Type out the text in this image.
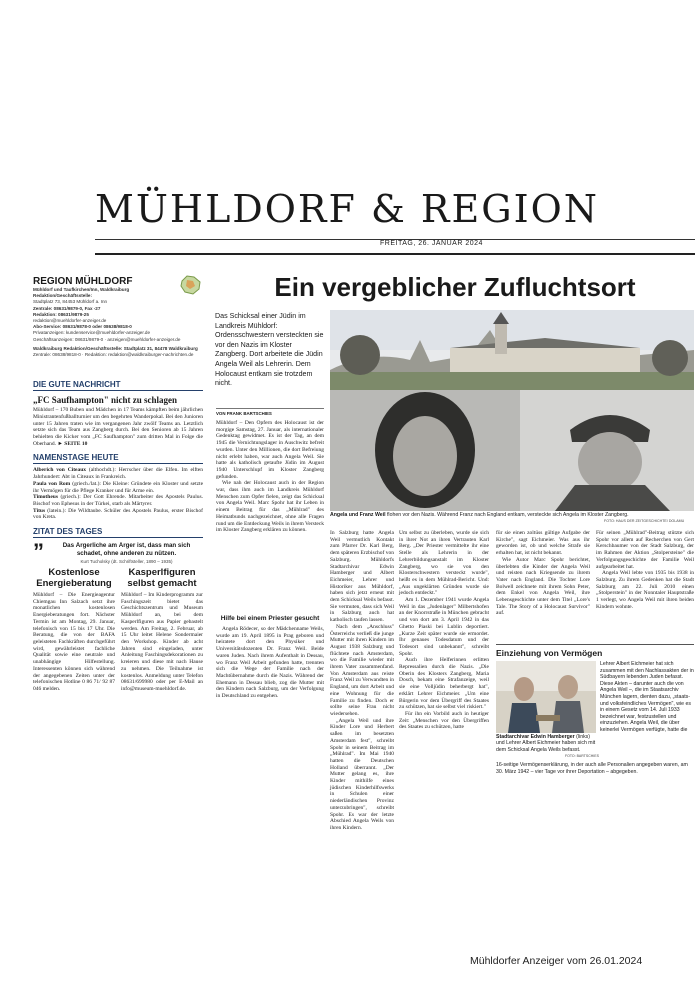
MÜHLDORF & REGION
FREITAG, 26. JANUAR 2024
REGION MÜHLDORF
Mühldorf und Taufkirchen/Inn, Waldkraiburg
Redaktion/Geschäftsstelle:
Stadtplatz 73, 84453 Mühldorf a. Inn
Zentrale: 08631/9879-0, Fax -27
Redaktion: 08631/9879-25
redaktion@muehldorfer-anzeiger.de
Abo-Service: 08631/9878-0 oder 08638/9818-0
Privatanzeigen: kundenservice@muehldorfer-anzeiger.de
Geschäftsanzeigen: 08631/9879-0 · anzeigen@muehldorfer-anzeiger.de
Waldkraiburg Redaktion/Geschäftsstelle: Stadtplatz 31, 84478 Waldkraiburg
Zentrale: 08638/9818-0 · Redaktion: redaktion@waldkraiburger-nachrichten.de
DIE GUTE NACHRICHT
„FC Saufhampton" nicht zu schlagen
Mühldorf – 170 Buben und Mädchen in 17 Teams kämpften beim jährlichen Ministrantenfußballturnier um den begehrten Wanderpokal. Bei den Junioren unter 15 Jahren traten wie im vergangenen Jahr zwölf Teams an. Letztlich setzte sich das Team aus Zangberg durch. Bei den Senioren ab 15 Jahren behielten die Kicker vom „FC Saufhampton" zum dritten Mal in Folge die Oberhand. ► SEITE 10
NAMENSTAGE HEUTE
Alberich von Citeaux (althochdt.): Herrscher über die Elfen. Im elften Jahrhundert: Abt in Citeaux in Frankreich.
Paula von Rom (griech./lat.): Die Kleine: Gründete ein Kloster und setzte ihr Vermögen für die Pflege Kranker und für Arme ein.
Timotheus (griech.): Der Gott Ehrende. Mitarbeiter des Apostels Paulus. Bischof von Ephesus in der Türkei, starb als Märtyrer.
Titus (latein.): Die Wildtaube. Schüler des Apostels Paulus, erster Bischof von Kreta.
ZITAT DES TAGES
”	Das Ärgerliche am Ärger ist, dass man sich schadet, ohne anderen zu nützen.
Kurt Tucholsky (dt. Schriftsteller, 1890 – 1935)
Kostenlose Energieberatung
Mühldorf – Die Energieagentur Chiemgau Inn Salzach setzt ihre monatlichen kostenlosen Energieberatungen fort. Nächster Termin ist am Montag, 29. Januar, telefonisch von 15 bis 17 Uhr. Die Beratung, die von der BAFA geleisteten Fachkräften durchgeführt wird, gewährleistet fachliche Qualität sowie eine neutrale und unabhängige Hilfestellung. Interessenten können sich während der angegebenen Zeiten unter der telefonischen Hotline 0 86 71/ 92 87 046 melden.
Kasperlfiguren selbst gemacht
Mühldorf – Im Kinderprogramm zur Faschingszeit bietet das Geschichtszentrum und Museum Mühldorf an, bei dem Kasperlfiguren aus Papier gebastelt werden. Am Freitag, 2. Februar, ab 15 Uhr leitet Helene Sondermaier den Workshop. Kinder ab acht Jahren sind eingeladen, unter Anleitung Faschingsdekorationen zu kreieren und diese mit nach Hause zu nehmen. Die Teilnahme ist kostenlos. Anmeldung unter Telefon 08631/699980 oder per E-Mail an info@museum-muehldorf.de.
Ein vergeblicher Zufluchtsort
Das Schicksal einer Jüdin im Landkreis Mühldorf: Ordensschwestern versteckten sie vor den Nazis im Kloster Zangberg. Dort arbeitete die Jüdin Angela Weil als Lehrerin. Dem Holocaust entkam sie trotzdem nicht.
Angela und Franz Weil flohen vor den Nazis. Während Franz nach England entkam, versteckte sich Angela im Kloster Zangberg.
FOTO: HAUS DER ZEITGESCHICHTE/ DOLAMU
VON FRANK BARTSCHIES
Mühldorf – Den Opfern des Holocaust ist der morgige Samstag, 27. Januar, als internationaler Gedenktag gewidmet. Es ist der Tag, an dem 1945 die Vernichtungslager in Auschwitz befreit wurden. Unter den Millionen, die dort Befreiung nicht erlebt haben, war auch Angela Weil. Sie hatte als katholisch getaufte Jüdin im August 1940 Unterschlupf im Kloster Zangberg gefunden.
Wie nah der Holocaust auch in der Region war, dass ihm auch im Landkreis Mühldorf Menschen zum Opfer fielen, zeigt das Schicksal von Angela Weil. Marc Spohr hat ihr Leben in einem Beitrag für das „Mühlrad" des Heimatbunds nachgezeichnet, ohne alle Fragen rund um die Entdeckung Weils in ihrem Versteck im Kloster Zangberg erklären zu können.
Hilfe bei einem Priester gesucht
Angela Rödecer, so der Mädchenname Weils, wurde am 19. April 1895 in Prag geboren und heiratete dort den Physiker und Universitätsdozenten Dr. Franz Weil. Beide waren Juden. Nach ihrem Aufenthalt in Dessau, wo Franz Weil Arbeit gefunden hatte, trennten sich die Wege der Familie nach der Machtübernahme durch die Nazis. Während der Ehemann in Dessau blieb, zog die Mutter mit den Kindern nach Salzburg, um der Verfolgung in Deutschland zu entgehen.
In Salzburg hatte Angela Weil vermutlich Kontakt zum Pfarrer Dr. Karl Berg, dem späteren Erzbischof von Salzburg. Mühldorfs Stadtarchivar Edwin Hamberger und Albert Eichmeier, Lehrer und Historiker aus Mühldorf, haben sich jetzt erneut mit dem Schicksal Weils befasst. Sie vermuten, dass sich Weil in Salzburg auch hat katholisch taufen lassen.
Nach dem „Anschluss" Österreichs verließ die junge Mutter mit ihren Kindern im August 1938 Salzburg und flüchtete nach Amsterdam, wo die Familie wieder mit ihrem Vater zusammenfand. Von Amsterdam aus reiste Franz Weil zu Verwandten in England, um dort Arbeit und eine Wohnung für die Familie zu finden. Doch er sollte seine Frau nicht wiedersehen.
„Angela Weil und ihre Kinder Lore und Herbert saßen im besetzten Amsterdam fest", schreibt Spohr in seinem Beitrag im „Mühlrad". Im Mai 1940 hatten die Deutschen Holland überrannt. „Der Mutter gelang es, ihre Kinder mithilfe eines jüdischen Kinderhilfswerks in Schulen einer niederländischen Provinz unterzubringen", schreibt Spohr. Es war der letzte Abschied Angela Weils von ihren Kindern.
Um selbst zu überleben, wurde sie sich in ihrer Not an ihren Vertrauten Karl Berg. „Der Priester vermittelte ihr eine Stelle als Lehrerin in der Lehrerbildungsanstalt im Kloster Zangberg, wo sie von den Klosterschwestern versteckt wurde", heißt es in dem Mühlrad-Bericht. Und: „Aus ungeklärten Gründen wurde sie jedoch entdeckt."
Am 1. Dezember 1941 wurde Angela Weil in das „Judenlager" Milbertshofen an der Knorrstraße in München gebracht und von dort am 3. April 1942 in das Ghetto Piaski bei Lublin deportiert. „Kurze Zeit später wurde sie ermordet. Ihr genaues Todesdatum und der Todesort sind unbekannt", schreibt Spohr.
Auch ihre Helferinnen erlitten Repressalien durch die Nazis. „Die Oberin des Klosters Zangberg, Maria Dosch, bekam eine Strafanzeige, weil sie eine Volljüdin beherbergt hat", erklärt Lehrer Eichmeier. „Um eine Bürgerin vor dem Übergriff des Staates zu schützen, hat sie selbst viel riskiert."
Für ihn ein Vorbild auch in heutiger Zeit: „Menschen vor den Übergriffen des Staates zu schützen, hatte
für sie einen zoltüss gültige Aufgabe der Kirche", sagt Eichmeier. Was aus ihr geworden ist, ob und welche Strafe sie erhalten hat, ist nicht bekannt.
Wie Autor Marc Spohr berichtet, überlebten die Kinder der Angela Weil und reisten nach Kriegsende zu ihrem Vater nach England. Die Tochter Lore Bolwell zeichnete mit ihrem Sohn Peter, dem Enkel von Angela Weil, ihre Lebensgeschichte unter dem Titel „Lore's Tale. The Story of a Holocaust Survivor" auf.
Für seinen „Mühlrad"-Beitrag stützte sich Spohr vor allem auf Recherchen von Gert Kerschbaumer von der Stadt Salzburg, der im Rahmen der Aktion „Stolpersteine" die Verfolgungsgeschichte der Familie Weil aufgearbeitet hat.
Angela Weil lebte von 1935 bis 1938 in Salzburg. Zu ihrem Gedenken hat die Stadt Salzburg am 22. Juli 2010 einen „Stolperstein" in der Nonntaler Hauptstraße 1 verlegt, wo Angela Weil mit ihren beiden Kindern wohnte.
Einziehung von Vermögen
Stadtarchivar Edwin Hamberger (links) und Lehrer Albert Eichmeier haben sich mit dem Schicksal Angela Weils befasst.
FOTO: BARTSCHIES
Lehrer Albert Eichmeier hat sich zusammen mit den Nachlassakten der in Südbayern lebenden Juden befasst. Diese Akten – darunter auch die von Angela Weil –, die im Staatsarchiv München lagern, dienten dazu, „staats- und volksfeindliches Vermögen", wie es in einem Gesetz vom 14. Juli 1933 bezeichnet war, festzustellen und einzuziehen. Angela Weil, die über keinerlei Vermögen verfügte, hatte die
16-seitige Vermögenserklärung, in der auch alle Personalien angegeben waren, am 30. März 1942 – vier Tage vor ihrer Deportation – abgegeben.
Mühldorfer Anzeiger vom 26.01.2024
